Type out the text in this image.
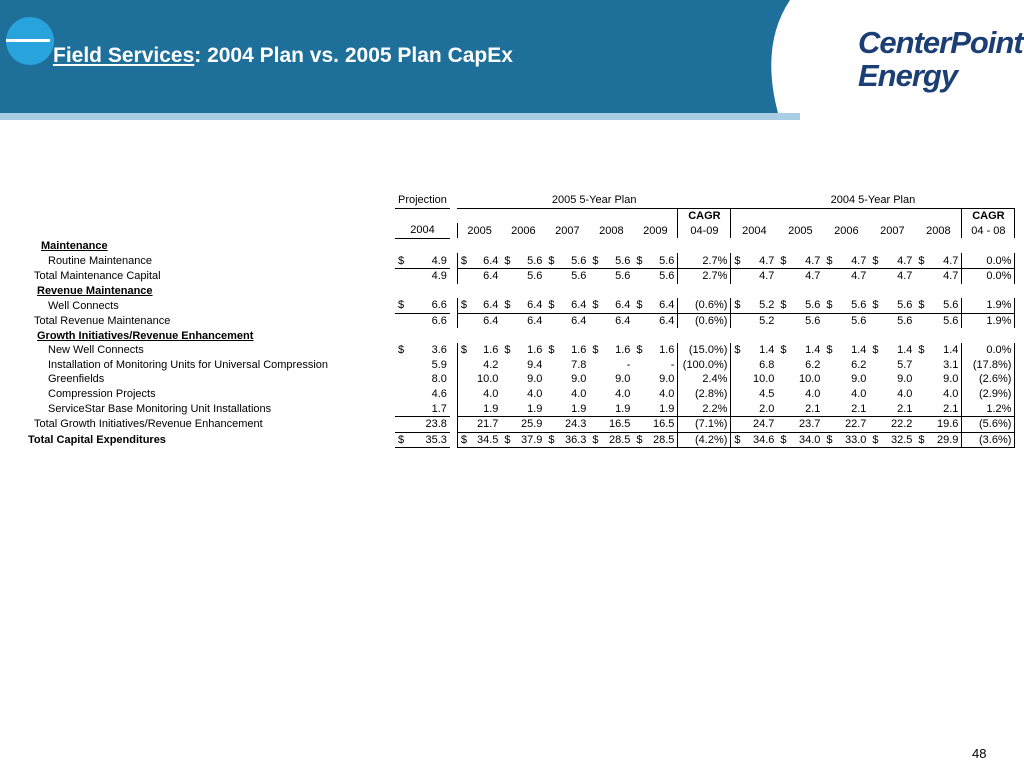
Field Services: 2004 Plan vs. 2005 Plan CapEx	CenterPoint
Energy
	Projection		2005 5-Year Plan						2004 5-Year Plan					
								CAGR						CAGR
	2004		2005	2006	2007	2008	2009	04-09	2004	2005	2006	2007	2008	04 - 08
Maintenance														
Routine Maintenance	$ 4.9		$ 6.4	$ 5.6	$ 5.6	$ 5.6	$ 5.6	2.7%	$ 4.7	$ 4.7	$ 4.7	$ 4.7	$ 4.7	0.0%
Total Maintenance Capital	4.9		6.4	5.6	5.6	5.6	5.6	2.7%	4.7	4.7	4.7	4.7	4.7	0.0%
Revenue Maintenance														
Well Connects	$ 6.6		$ 6.4	$ 6.4	$ 6.4	$ 6.4	$ 6.4	(0.6%)	$ 5.2	$ 5.6	$ 5.6	$ 5.6	$ 5.6	1.9%
Total Revenue Maintenance	6.6		6.4	6.4	6.4	6.4	6.4	(0.6%)	5.2	5.6	5.6	5.6	5.6	1.9%
Growth Initiatives/Revenue Enhancement														
New Well Connects	$ 3.6		$ 1.6	$ 1.6	$ 1.6	$ 1.6	$ 1.6	(15.0%)	$ 1.4	$ 1.4	$ 1.4	$ 1.4	$ 1.4	0.0%
Installation of Monitoring Units for Universal Compression	5.9		4.2	9.4	7.8	-	-	(100.0%)	6.8	6.2	6.2	5.7	3.1	(17.8%)
Greenfields	8.0		10.0	9.0	9.0	9.0	9.0	2.4%	10.0	10.0	9.0	9.0	9.0	(2.6%)
Compression Projects	4.6		4.0	4.0	4.0	4.0	4.0	(2.8%)	4.5	4.0	4.0	4.0	4.0	(2.9%)
ServiceStar Base Monitoring Unit Installations	1.7		1.9	1.9	1.9	1.9	1.9	2.2%	2.0	2.1	2.1	2.1	2.1	1.2%
Total Growth Initiatives/Revenue Enhancement	23.8		21.7	25.9	24.3	16.5	16.5	(7.1%)	24.7	23.7	22.7	22.2	19.6	(5.6%)
Total Capital Expenditures	$ 35.3		$ 34.5	$ 37.9	$ 36.3	$ 28.5	$ 28.5	(4.2%)	$ 34.6	$ 34.0	$ 33.0	$ 32.5	$ 29.9	(3.6%)
48
